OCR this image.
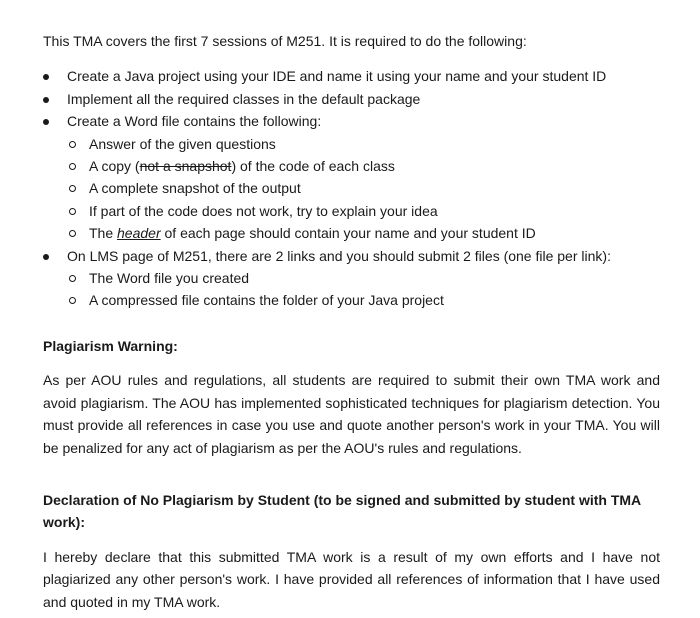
This TMA covers the first 7 sessions of M251. It is required to do the following:

Create a Java project using your IDE and name it using your name and your student ID
Implement all the required classes in the default package
Create a Word file contains the following:
Answer of the given questions
A copy (not a snapshot) of the code of each class
A complete snapshot of the output
If part of the code does not work, try to explain your idea
The header of each page should contain your name and your student ID
On LMS page of M251, there are 2 links and you should submit 2 files (one file per link):
The Word file you created
A compressed file contains the folder of your Java project
Plagiarism Warning:

As per AOU rules and regulations, all students are required to submit their own TMA work and avoid plagiarism. The AOU has implemented sophisticated techniques for plagiarism detection. You must provide all references in case you use and quote another person's work in your TMA. You will be penalized for any act of plagiarism as per the AOU's rules and regulations.

Declaration of No Plagiarism by Student (to be signed and submitted by student with TMA work):

I hereby declare that this submitted TMA work is a result of my own efforts and I have not plagiarized any other person's work. I have provided all references of information that I have used and quoted in my TMA work.
